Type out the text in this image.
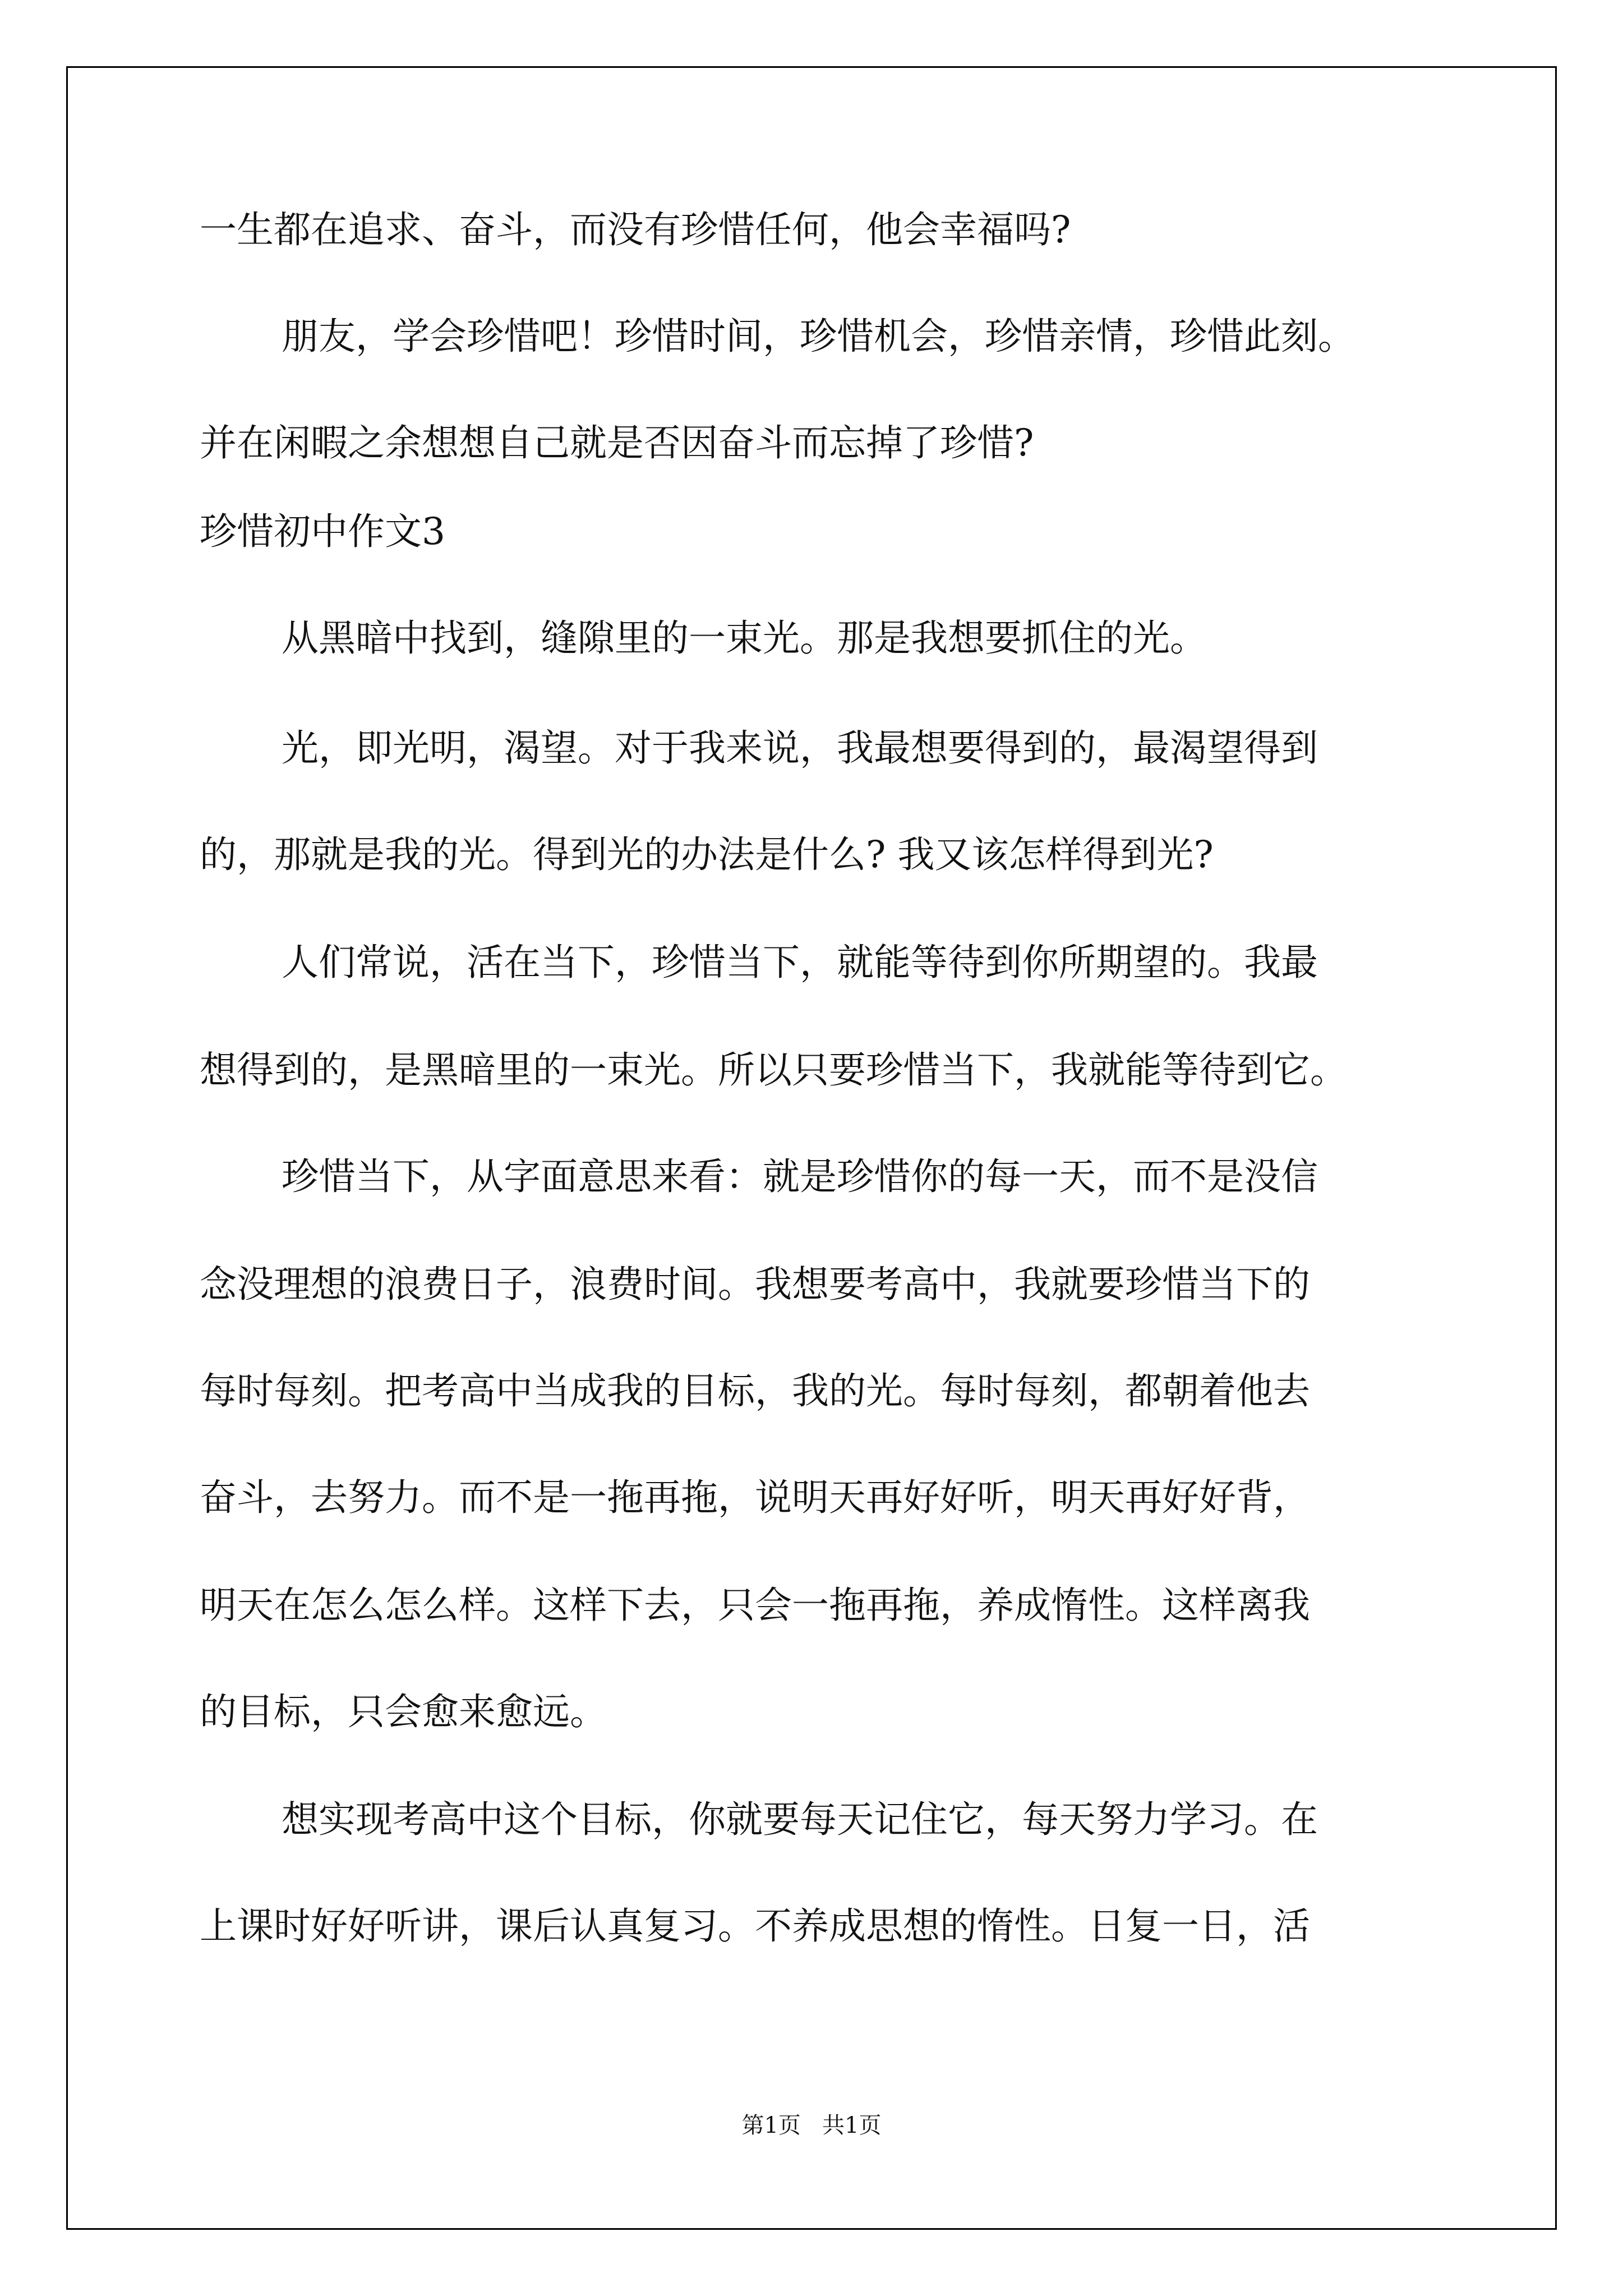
一生都在追求、奋斗，而没有珍惜任何，他会幸福吗?
朋友，学会珍惜吧！珍惜时间，珍惜机会，珍惜亲情，珍惜此刻。
并在闲暇之余想想自己就是否因奋斗而忘掉了珍惜?
珍惜初中作文3
从黑暗中找到，缝隙里的一束光。那是我想要抓住的光。
光，即光明，渴望。对于我来说，我最想要得到的，最渴望得到
的，那就是我的光。得到光的办法是什么? 我又该怎样得到光?
人们常说，活在当下，珍惜当下，就能等待到你所期望的。我最
想得到的，是黑暗里的一束光。所以只要珍惜当下，我就能等待到它。
珍惜当下，从字面意思来看：就是珍惜你的每一天，而不是没信
念没理想的浪费日子，浪费时间。我想要考高中，我就要珍惜当下的
每时每刻。把考高中当成我的目标，我的光。每时每刻，都朝着他去
奋斗，去努力。而不是一拖再拖，说明天再好好听，明天再好好背，
明天在怎么怎么样。这样下去，只会一拖再拖，养成惰性。这样离我
的目标，只会愈来愈远。
想实现考高中这个目标，你就要每天记住它，每天努力学习。在
上课时好好听讲，课后认真复习。不养成思想的惰性。日复一日，活
第1页   共1页
